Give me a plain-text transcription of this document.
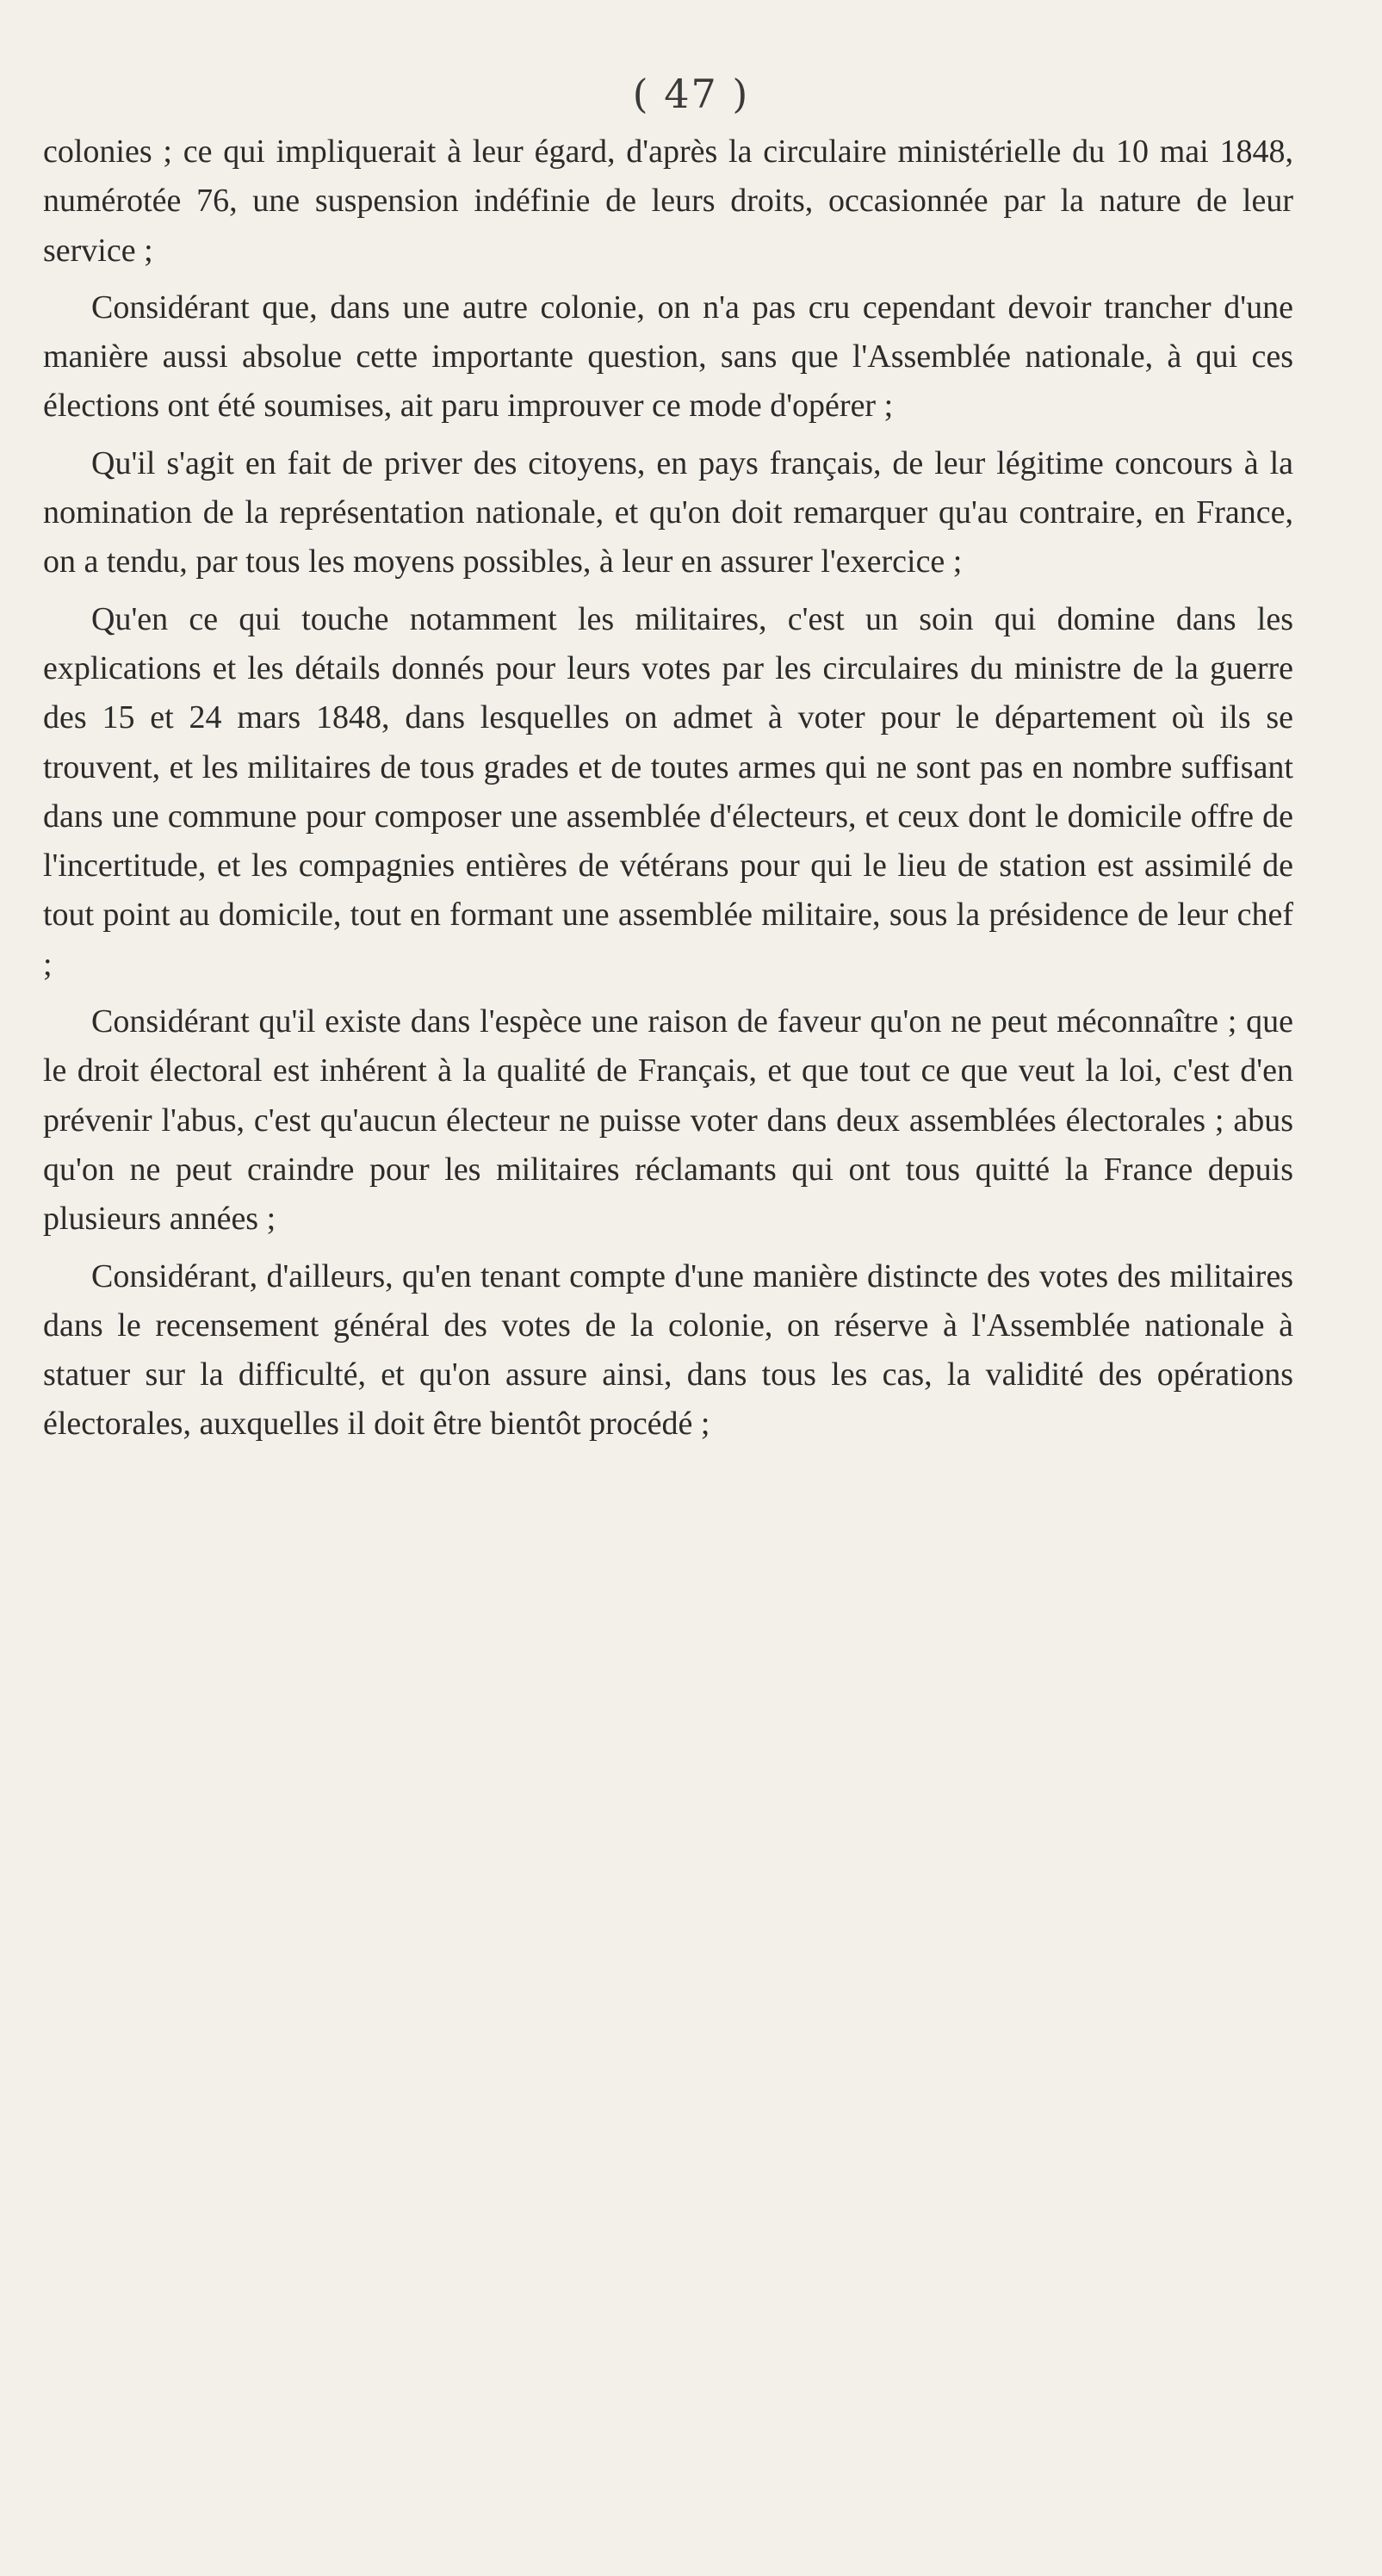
( 47 )

colonies ; ce qui impliquerait à leur égard, d'après la circulaire ministérielle du 10 mai 1848, numérotée 76, une suspension indéfinie de leurs droits, occasionnée par la nature de leur service ;

Considérant que, dans une autre colonie, on n'a pas cru cependant devoir trancher d'une manière aussi absolue cette importante question, sans que l'Assemblée nationale, à qui ces élections ont été soumises, ait paru improuver ce mode d'opérer ;

Qu'il s'agit en fait de priver des citoyens, en pays français, de leur légitime concours à la nomination de la représentation nationale, et qu'on doit remarquer qu'au contraire, en France, on a tendu, par tous les moyens possibles, à leur en assurer l'exercice ;

Qu'en ce qui touche notamment les militaires, c'est un soin qui domine dans les explications et les détails donnés pour leurs votes par les circulaires du ministre de la guerre des 15 et 24 mars 1848, dans lesquelles on admet à voter pour le département où ils se trouvent, et les militaires de tous grades et de toutes armes qui ne sont pas en nombre suffisant dans une commune pour composer une assemblée d'électeurs, et ceux dont le domicile offre de l'incertitude, et les compagnies entières de vétérans pour qui le lieu de station est assimilé de tout point au domicile, tout en formant une assemblée militaire, sous la présidence de leur chef ;

Considérant qu'il existe dans l'espèce une raison de faveur qu'on ne peut méconnaître ; que le droit électoral est inhérent à la qualité de Français, et que tout ce que veut la loi, c'est d'en prévenir l'abus, c'est qu'aucun électeur ne puisse voter dans deux assemblées électorales ; abus qu'on ne peut craindre pour les militaires réclamants qui ont tous quitté la France depuis plusieurs années ;

Considérant, d'ailleurs, qu'en tenant compte d'une manière distincte des votes des militaires dans le recensement général des votes de la colonie, on réserve à l'Assemblée nationale à statuer sur la difficulté, et qu'on assure ainsi, dans tous les cas, la validité des opérations électorales, auxquelles il doit être bientôt procédé ;
